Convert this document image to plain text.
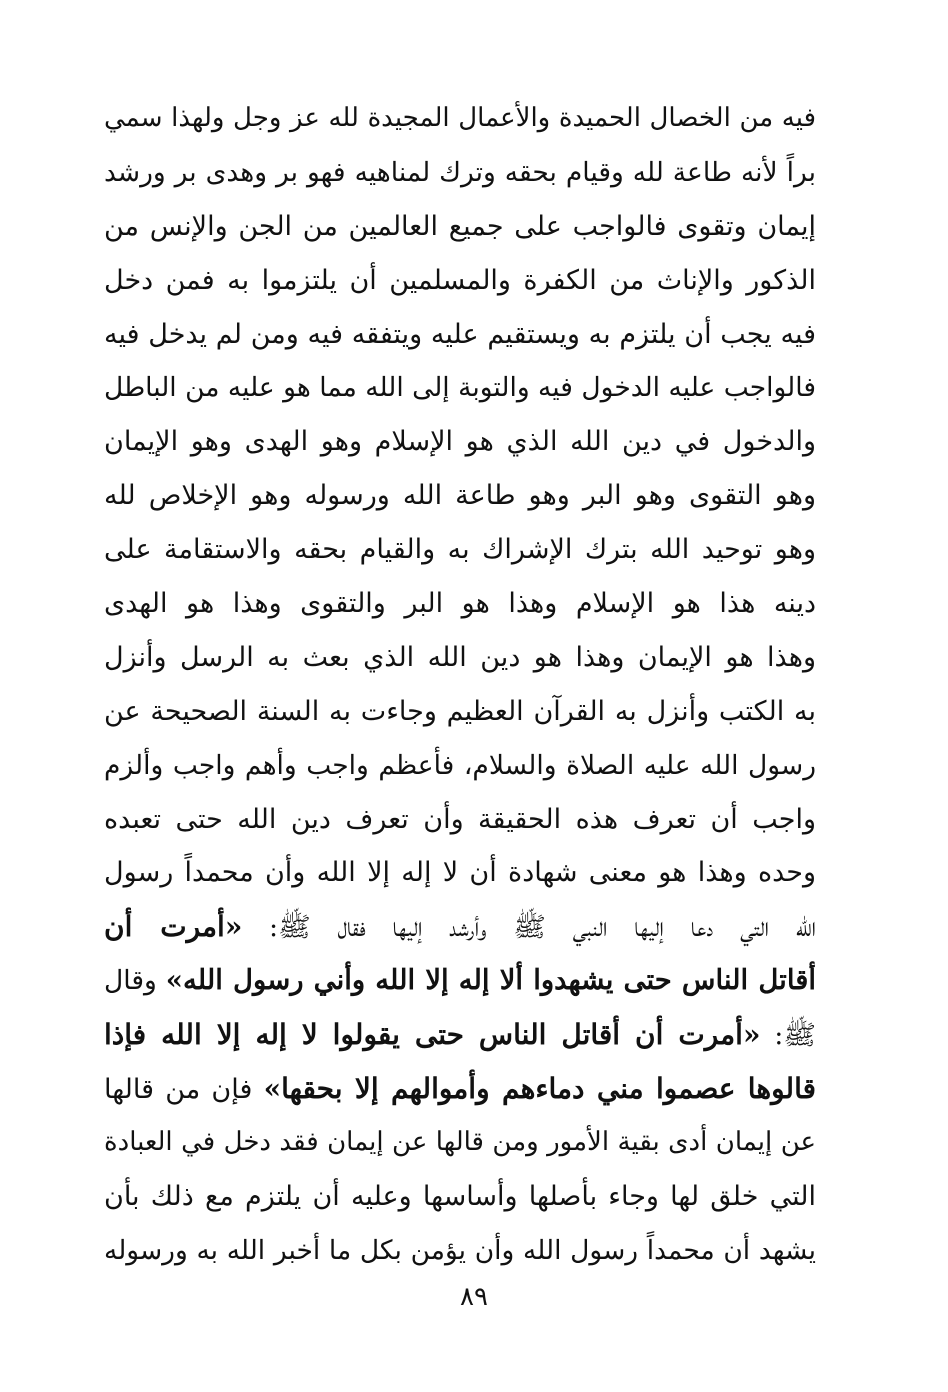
فيه من الخصال الحميدة والأعمال المجيدة لله عز وجل ولهذا سمي
براً لأنه طاعة لله وقيام بحقه وترك لمناهيه فهو بر وهدى بر ورشد
إيمان وتقوى فالواجب على جميع العالمين من الجن والإنس من
الذكور والإناث من الكفرة والمسلمين أن يلتزموا به فمن دخل
فيه يجب أن يلتزم به ويستقيم عليه ويتفقه فيه ومن لم يدخل فيه
فالواجب عليه الدخول فيه والتوبة إلى الله مما هو عليه من الباطل
والدخول في دين الله الذي هو الإسلام وهو الهدى وهو الإيمان
وهو التقوى وهو البر وهو طاعة الله ورسوله وهو الإخلاص لله
وهو توحيد الله بترك الإشراك به والقيام بحقه والاستقامة على
دينه هذا هو الإسلام وهذا هو البر والتقوى وهذا هو الهدى
وهذا هو الإيمان وهذا هو دين الله الذي بعث به الرسل وأنزل
به الكتب وأنزل به القرآن العظيم وجاءت به السنة الصحيحة عن
رسول الله عليه الصلاة والسلام، فأعظم واجب وأهم واجب وألزم
واجب أن تعرف هذه الحقيقة وأن تعرف دين الله حتى تعبده
وحده وهذا هو معنى شهادة أن لا إله إلا الله وأن محمداً رسول
الله التي دعا إليها النبي ﷺ وأرشد إليها فقال ﷺ: «أمرت أن
أقاتل الناس حتى يشهدوا ألا إله إلا الله وأني رسول الله» وقال
ﷺ: «أمرت أن أقاتل الناس حتى يقولوا لا إله إلا الله فإذا
قالوها عصموا مني دماءهم وأموالهم إلا بحقها» فإن من قالها
عن إيمان أدى بقية الأمور ومن قالها عن إيمان فقد دخل في العبادة
التي خلق لها وجاء بأصلها وأساسها وعليه أن يلتزم مع ذلك بأن
يشهد أن محمداً رسول الله وأن يؤمن بكل ما أخبر الله به ورسوله
٨٩
